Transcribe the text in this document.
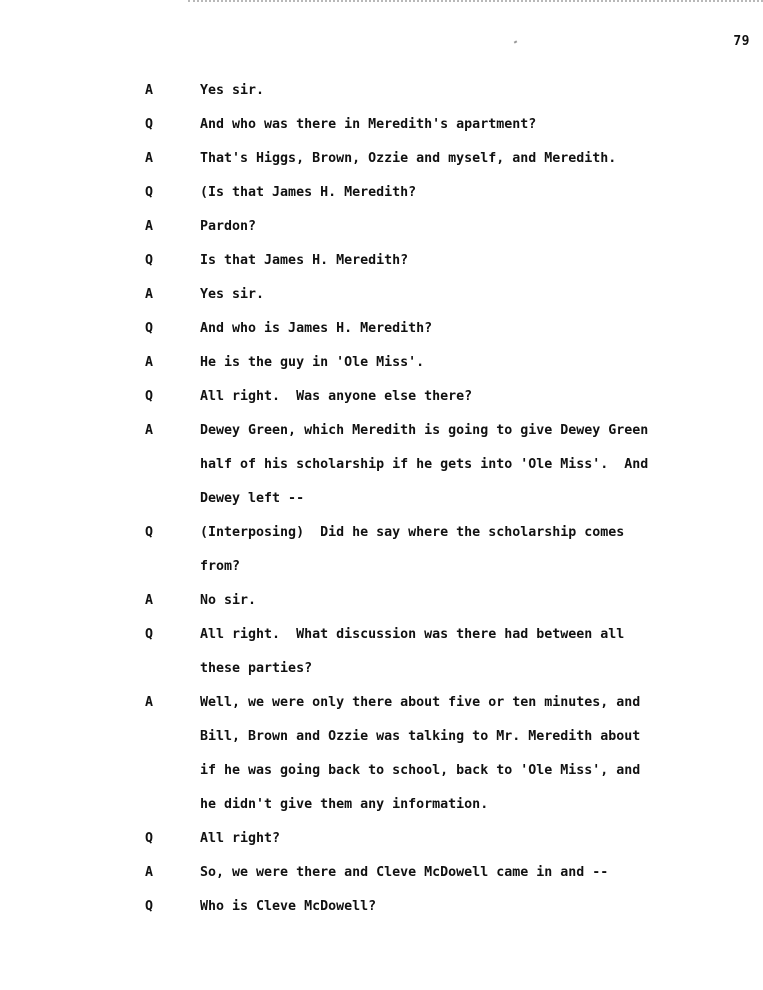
79
A	Yes sir.
Q	And who was there in Meredith's apartment?
A	That's Higgs, Brown, Ozzie and myself, and Meredith.
Q	(Is that James H. Meredith?
A	Pardon?
Q	Is that James H. Meredith?
A	Yes sir.
Q	And who is James H. Meredith?
A	He is the guy in 'Ole Miss'.
Q	All right.  Was anyone else there?
A	Dewey Green, which Meredith is going to give Dewey Green
half of his scholarship if he gets into 'Ole Miss'.  And
Dewey left --
Q	(Interposing)  Did he say where the scholarship comes
from?
A	No sir.
Q	All right.  What discussion was there had between all
these parties?
A	Well, we were only there about five or ten minutes, and
Bill, Brown and Ozzie was talking to Mr. Meredith about
if he was going back to school, back to 'Ole Miss', and
he didn't give them any information.
Q	All right?
A	So, we were there and Cleve McDowell came in and --
Q	Who is Cleve McDowell?
